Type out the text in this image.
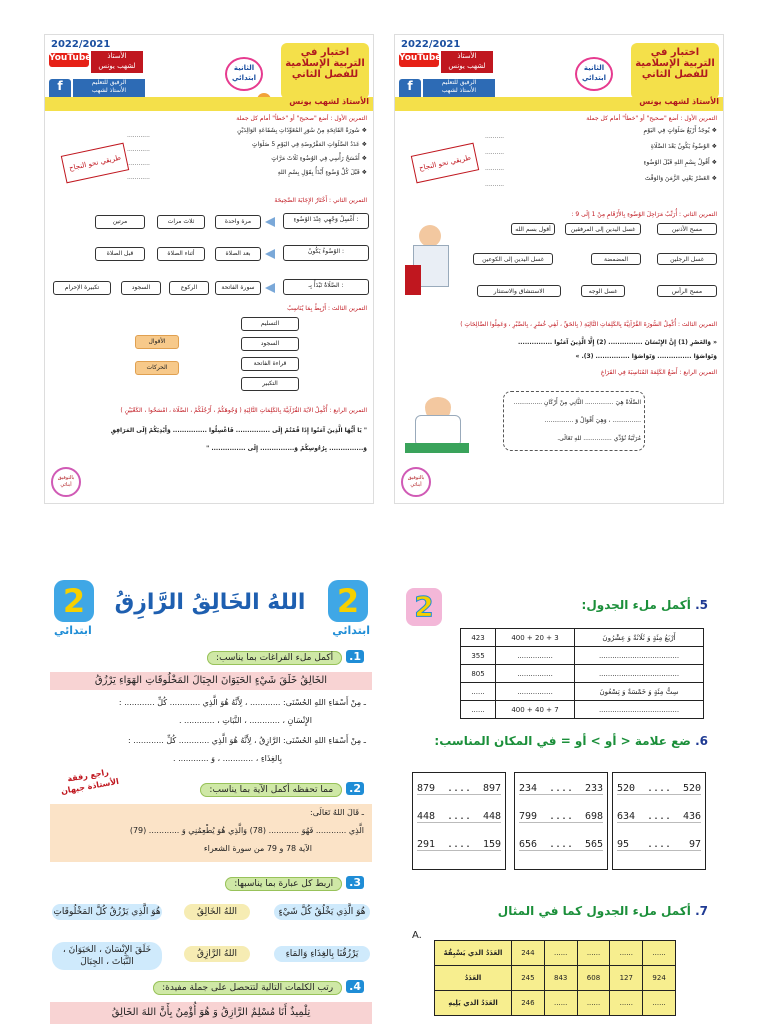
2022/2021
YouTube	الأستاذ
لشهب يونس
f	الرفيق للتعليم
الأستاذ لشهب
الثانية
ابتدائي
اختبار في
التربية الإسلامية
للفصل الثاني
الأستاذ لشهب يونس
التمرين الأول : أضع "صحيح" أو "خطأ" أمام كل جملة
❖ سُورَةُ الفَاتِحَةِ مِنْ سُوَرِ المُعَوِّذَاتِ بِشَفَاعَةِ الوَالِدَيْنِ
❖ عَدَدُ الصَّلَوَاتِ المَفْرُوضَةِ فِي اليَوْمِ 5 صَلَوَاتٍ
❖ أَمْسَحُ رَأْسِي فِي الوُضُوءِ ثَلَاثَ مَرَّاتٍ
❖ قَبْلَ كُلِّ وُضُوءٍ أَبْدَأُ بِقَوْلِ بِسْمِ اللهِ
............
............
............
............
طريقي نحو النجاح
التمرين الثاني : أَخْتَارُ الإِجَابَةَ الصَّحِيحَةَ
أَغْسِلُ وَجْهِي عِنْدَ الوُضُوءِ :
مرة واحدة
ثلاث مرات
مرتين
الوُضُوءُ يَكُونُ :
بعد الصلاة
أثناء الصلاة
قبل الصلاة
الصَّلَاةُ تَبْدَأُ بِـ :
سورة الفاتحة
الركوع
السجود
تكبيرة الإحرام
التمرين الثالث : أَرْبِطُ بِمَا يُنَاسِبُ
التسليم
السجود
قراءة الفاتحة
التكبير
الأقوال
الحركات
التمرين الرابع : أُكْمِلُ الآيَةَ القُرْآنِيَّةَ بِالكَلِمَاتِ التَّالِيَةِ ( وُجُوهَكُمْ ، أَرْجُلَكُمْ ، الصَّلَاة ، امْسَحُوا ، الكَعْبَيْنِ )
" يَا أَيُّهَا الَّذِينَ آمَنُوا إِذَا قُمْتُمْ إِلَى ............... فَاغْسِلُوا ............... وَأَيْدِيَكُمْ إِلَى المَرَافِقِ
وَ............... بِرُءُوسِكُمْ وَ............... إِلَى ............... "
بالتوفيق أبنائي
2022/2021
YouTube	الأستاذ
لشهب يونس
f	الرفيق للتعليم
الأستاذ لشهب
الثانية
ابتدائي
اختبار في
التربية الإسلامية
للفصل الثاني
الأستاذ لشهب يونس
التمرين الأول : أضع "صحيح" أو "خطأ" أمام كل جملة
❖ يُوجَدُ أَرْبَعُ صَلَوَاتٍ فِي اليَوْمِ
❖ الوُضُوءُ يَكُونُ بَعْدَ الصَّلَاةِ
❖ أَقُولُ بِسْمِ اللهِ قَبْلَ الوُضُوءِ
❖ العَصْرُ يَعْنِي الزَّمَنَ وَالوَقْتَ
..........
..........
..........
..........
طريقي نحو النجاح
التمرين الثاني : أُرَتِّبُ مَرَاحِلَ الوُضُوءِ بِالأَرْقَامِ مِنْ 1 إِلَى 9 :
مسح الأذنين
غسل اليدين إلى المرفقين
أقول بسم الله
غسل الرجلين
المضمضة
غسل اليدين إلى الكوعين
مسح الرأس
غسل الوجه
الاستنشاق والاستنثار
التمرين الثالث : أُكْمِلُ السُّورَةَ القُرْآنِيَّةَ بِالكَلِمَاتِ التَّالِيَةِ ( بِالحَقِّ ، لَفِي خُسْرٍ ، بِالصَّبْرِ ، وَعَمِلُوا الصَّالِحَاتِ )
« وَالعَصْرِ (1) إِنَّ الإِنْسَانَ ............... (2) إِلَّا الَّذِينَ آمَنُوا ...............
وَتَوَاصَوْا ............... وَتَوَاصَوْا ............... (3). »
التمرين الرابع : أَضَعُ الكَلِمَةَ المُنَاسِبَةَ فِي الفَرَاغِ
الصَّلَاةُ هِيَ ............... الثَّانِي مِنْ أَرْكَانِ ...............
............... ، وَهِيَ أَقْوَالٌ وَ ...............
مُرَتَّبَةٌ نُؤَدِّي ............... للهِ تَعَالَى.
بالتوفيق أبنائي
2
ابتدائي
2
ابتدائي
اللهُ الخَالِقُ الرَّازِقُ
1.أكمل ملء الفراغات بما يناسب:
الخَالِقُ خَلَقَ شَيْءٍ الحَيَوَانَ الجِبَالَ المَخْلُوقَاتِ الهَوَاءِ يَرْزُقُ
ـ مِنْ أَسْمَاءِ اللهِ الحُسْنَى: ............ ، لِأَنَّهُ هُوَ الَّذِي ............ كُلِّ ............ :
الإِنْسَانِ ، ............ ، النَّبَاتِ ، ............ .
ـ مِنْ أَسْمَاءِ اللهِ الحُسْنَى: الرَّازِقُ ، لِأَنَّهُ هُوَ الَّذِي ............ كُلِّ ............ :
بِالغِذَاءِ ، ............ ، وَ ............ .
راجع رفقة الأستاذة جيهان	2.مما تحفظه أكمل الآية بما يناسب:
ـ قَالَ اللهُ تَعَالَى:
الَّذِي ............ فَهُوَ ............ (78) وَالَّذِي هُوَ يُطْعِمُنِي وَ ............ (79)
الآية 78 و 79 من سورة الشعراء
3.اربط كل عبارة بما يناسبها:
هُوَ الَّذِي يَخْلُقُ كُلَّ شَيْءٍ
اللهُ الخَالِقُ
هُوَ الَّذِي يَرْزُقُ كُلَّ المَخْلُوقَاتِ
يَرْزُقُنَا بِالغِذَاءِ وَالمَاءِ
اللهُ الرَّازِقُ
خَلَقَ الإِنْسَانَ ، الحَيَوَانَ ، النَّبَاتَ ، الجِبَالَ
4.رتب الكلمات التالية لتتحصل على جملة مفيدة:
تِلْمِيذٌ أَنَا مُسْلِمٌ الرَّازِقُ وَ هُوَ أُؤْمِنُ بِأَنَّ اللهَ الخَالِقُ
2	5. أكمل ملء الجدول:
423	400 + 20 + 3	أَرْبَعُ مِئَةٍ وَ ثَلَاثَةٌ وَ عِشْرُونَ
355	................	....................................
805	................	....................................
......	................	سِتُّ مِئَةٍ وَ خَمْسَةٌ وَ تِسْعُونَ
......	400 + 40 + 7	....................................
6. ضع علامة < أو > أو = في المكان المناسب:
879 .... 897
448 .... 448
291 .... 159
234 .... 233
799 .... 698
656 .... 565
520 .... 520
634 .... 436
95 .... 97
7. أكمل ملء الجدول كما في المثال
A.
العَدَدُ الذي يَسْبِقُهُ	244	......	......	......	......
العَدَدُ	245	843	608	127	924
العَدَدُ الذي يَلِيهِ	246	......	......	......	......
